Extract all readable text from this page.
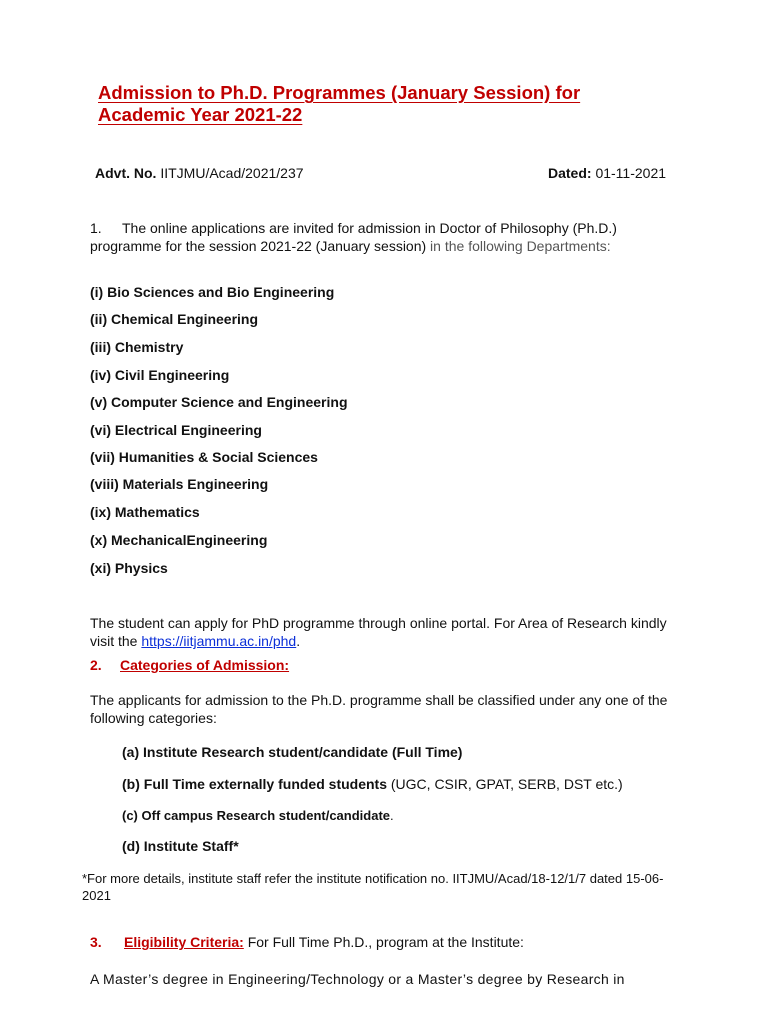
Admission to Ph.D. Programmes (January Session) for
Academic Year 2021-22
Advt. No. IITJMU/Acad/2021/237	Dated: 01-11-2021
1. The online applications are invited for admission in Doctor of Philosophy (Ph.D.) programme for the session 2021-22 (January session) in the following Departments:
(i) Bio Sciences and Bio Engineering
(ii) Chemical Engineering
(iii) Chemistry
(iv) Civil Engineering
(v) Computer Science and Engineering
(vi) Electrical Engineering
(vii) Humanities & Social Sciences
(viii) Materials Engineering
(ix) Mathematics
(x) MechanicalEngineering
(xi) Physics
The student can apply for PhD programme through online portal. For Area of Research kindly visit the https://iitjammu.ac.in/phd.
2. Categories of Admission:
The applicants for admission to the Ph.D. programme shall be classified under any one of the following categories:
(a) Institute Research student/candidate (Full Time)
(b) Full Time externally funded students (UGC, CSIR, GPAT, SERB, DST etc.)
(c) Off campus Research student/candidate.
(d) Institute Staff*
*For more details, institute staff refer the institute notification no. IITJMU/Acad/18-12/1/7 dated 15-06-2021
3. Eligibility Criteria: For Full Time Ph.D., program at the Institute:
A Master’s degree in Engineering/Technology or a Master’s degree by Research in
